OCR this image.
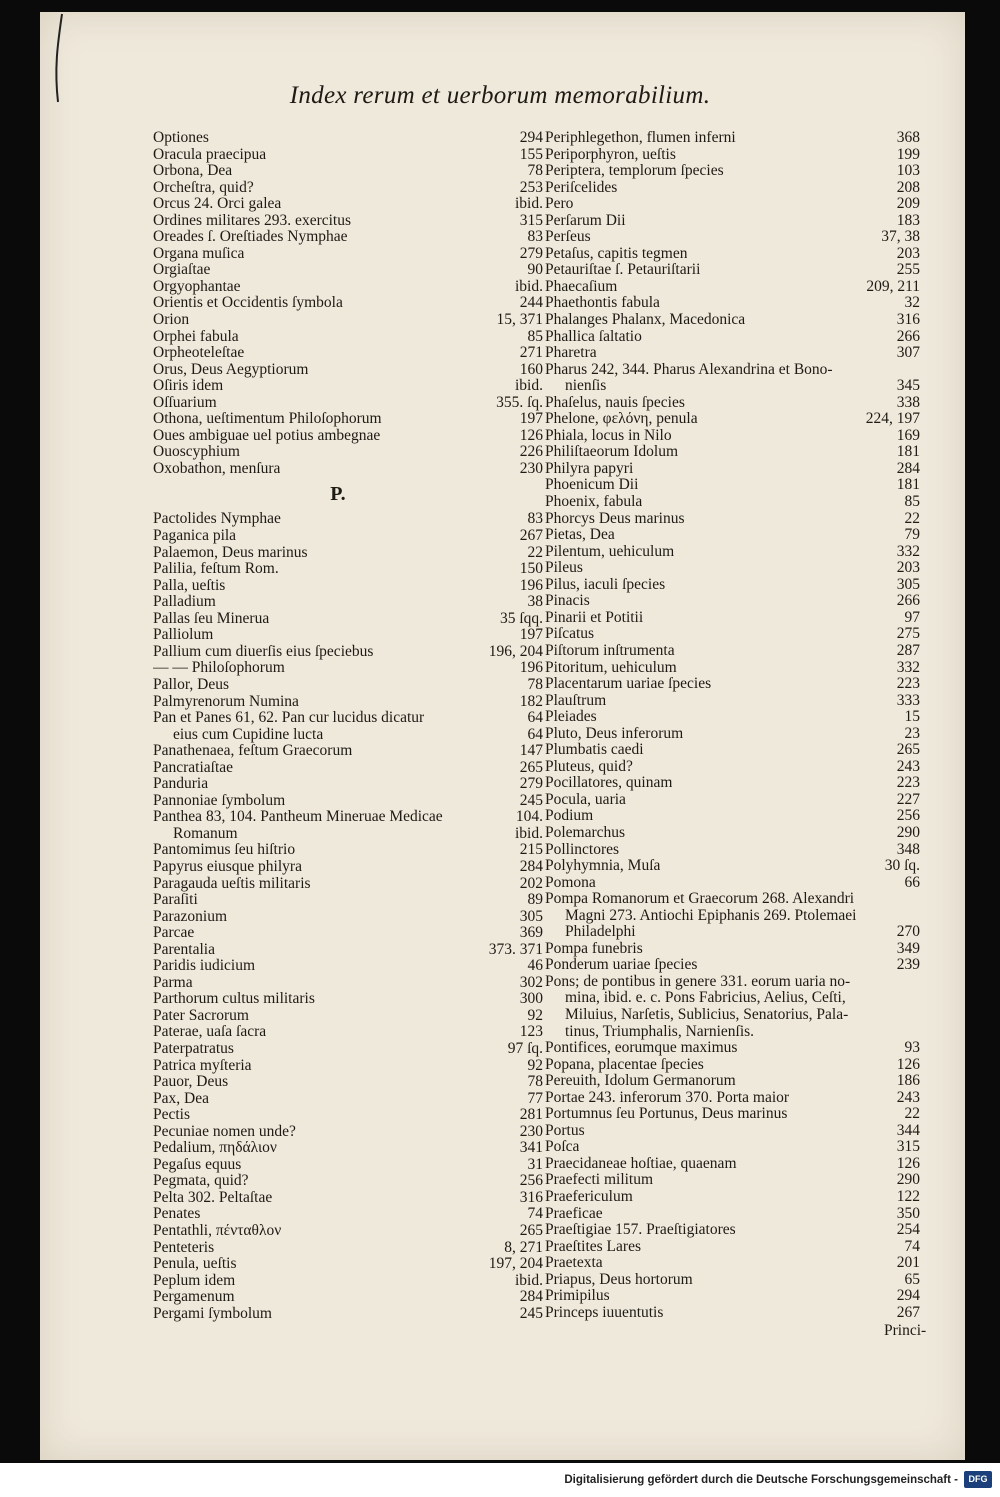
Index rerum et uerborum memorabilium.
Optiones	294
Oracula praecipua	155
Orbona, Dea	78
Orcheſtra, quid?	253
Orcus 24. Orci galea	ibid.
Ordines militares 293. exercitus	315
Oreades ſ. Oreſtiades Nymphae	83
Organa muſica	279
Orgiaſtae	90
Orgyophantae	ibid.
Orientis et Occidentis ſymbola	244
Orion	15, 371
Orphei fabula	85
Orpheoteleſtae	271
Orus, Deus Aegyptiorum	160
Oſiris idem	ibid.
Oſſuarium	355. ſq.
Othona, ueſtimentum Philoſophorum	197
Oues ambiguae uel potius ambegnae	126
Ouoscyphium	226
Oxobathon, menſura	230
P.
Pactolides Nymphae	83
Paganica pila	267
Palaemon, Deus marinus	22
Palilia, feſtum Rom.	150
Palla, ueſtis	196
Palladium	38
Pallas ſeu Minerua	35 ſqq.
Palliolum	197
Pallium cum diuerſis eius ſpeciebus	196, 204
— — Philoſophorum	196
Pallor, Deus	78
Palmyrenorum Numina	182
Pan et Panes 61, 62. Pan cur lucidus dicatur	64
eius cum Cupidine lucta	64
Panathenaea, feſtum Graecorum	147
Pancratiaſtae	265
Panduria	279
Pannoniae ſymbolum	245
Panthea 83, 104. Pantheum Mineruae Medicae	104.
Romanum	ibid.
Pantomimus ſeu hiſtrio	215
Papyrus eiusque philyra	284
Paragauda ueſtis militaris	202
Paraſiti	89
Parazonium	305
Parcae	369
Parentalia	373. 371
Paridis iudicium	46
Parma	302
Parthorum cultus militaris	300
Pater Sacrorum	92
Paterae, uaſa ſacra	123
Paterpatratus	97 ſq.
Patrica myſteria	92
Pauor, Deus	78
Pax, Dea	77
Pectis	281
Pecuniae nomen unde?	230
Pedalium, πηδάλιον	341
Pegaſus equus	31
Pegmata, quid?	256
Pelta 302. Peltaſtae	316
Penates	74
Pentathli, πένταθλον	265
Penteteris	8, 271
Penula, ueſtis	197, 204
Peplum idem	ibid.
Pergamenum	284
Pergami ſymbolum	245
Periphlegethon, flumen inferni	368
Periporphyron, ueſtis	199
Periptera, templorum ſpecies	103
Periſcelides	208
Pero	209
Perſarum Dii	183
Perſeus	37, 38
Petaſus, capitis tegmen	203
Petauriſtae ſ. Petauriſtarii	255
Phaecaſium	209, 211
Phaethontis fabula	32
Phalanges Phalanx, Macedonica	316
Phallica ſaltatio	266
Pharetra	307
Pharus 242, 344. Pharus Alexandrina et Bono-
nienſis	345
Phaſelus, nauis ſpecies	338
Phelone, φελόνη, penula	224, 197
Phiala, locus in Nilo	169
Philiſtaeorum Idolum	181
Philyra papyri	284
Phoenicum Dii	181
Phoenix, fabula	85
Phorcys Deus marinus	22
Pietas, Dea	79
Pilentum, uehiculum	332
Pileus	203
Pilus, iaculi ſpecies	305
Pinacis	266
Pinarii et Potitii	97
Piſcatus	275
Piſtorum inſtrumenta	287
Pitoritum, uehiculum	332
Placentarum uariae ſpecies	223
Plauſtrum	333
Pleiades	15
Pluto, Deus inferorum	23
Plumbatis caedi	265
Pluteus, quid?	243
Pocillatores, quinam	223
Pocula, uaria	227
Podium	256
Polemarchus	290
Pollinctores	348
Polyhymnia, Muſa	30 ſq.
Pomona	66
Pompa Romanorum et Graecorum 268. Alexandri
Magni 273. Antiochi Epiphanis 269. Ptolemaei
Philadelphi	270
Pompa funebris	349
Ponderum uariae ſpecies	239
Pons; de pontibus in genere 331. eorum uaria no-
mina, ibid. e. c. Pons Fabricius, Aelius, Ceſti,
Miluius, Narſetis, Sublicius, Senatorius, Pala-
tinus, Triumphalis, Narnienſis.
Pontifices, eorumque maximus	93
Popana, placentae ſpecies	126
Pereuith, Idolum Germanorum	186
Portae 243. inferorum 370. Porta maior	243
Portumnus ſeu Portunus, Deus marinus	22
Portus	344
Poſca	315
Praecidaneae hoſtiae, quaenam	126
Praefecti militum	290
Praefericulum	122
Praeficae	350
Praeſtigiae 157. Praeſtigiatores	254
Praeſtites Lares	74
Praetexta	201
Priapus, Deus hortorum	65
Primipilus	294
Princeps iuuentutis	267
Princi-
Digitalisierung gefördert durch die Deutsche Forschungsgemeinschaft -	DFG
